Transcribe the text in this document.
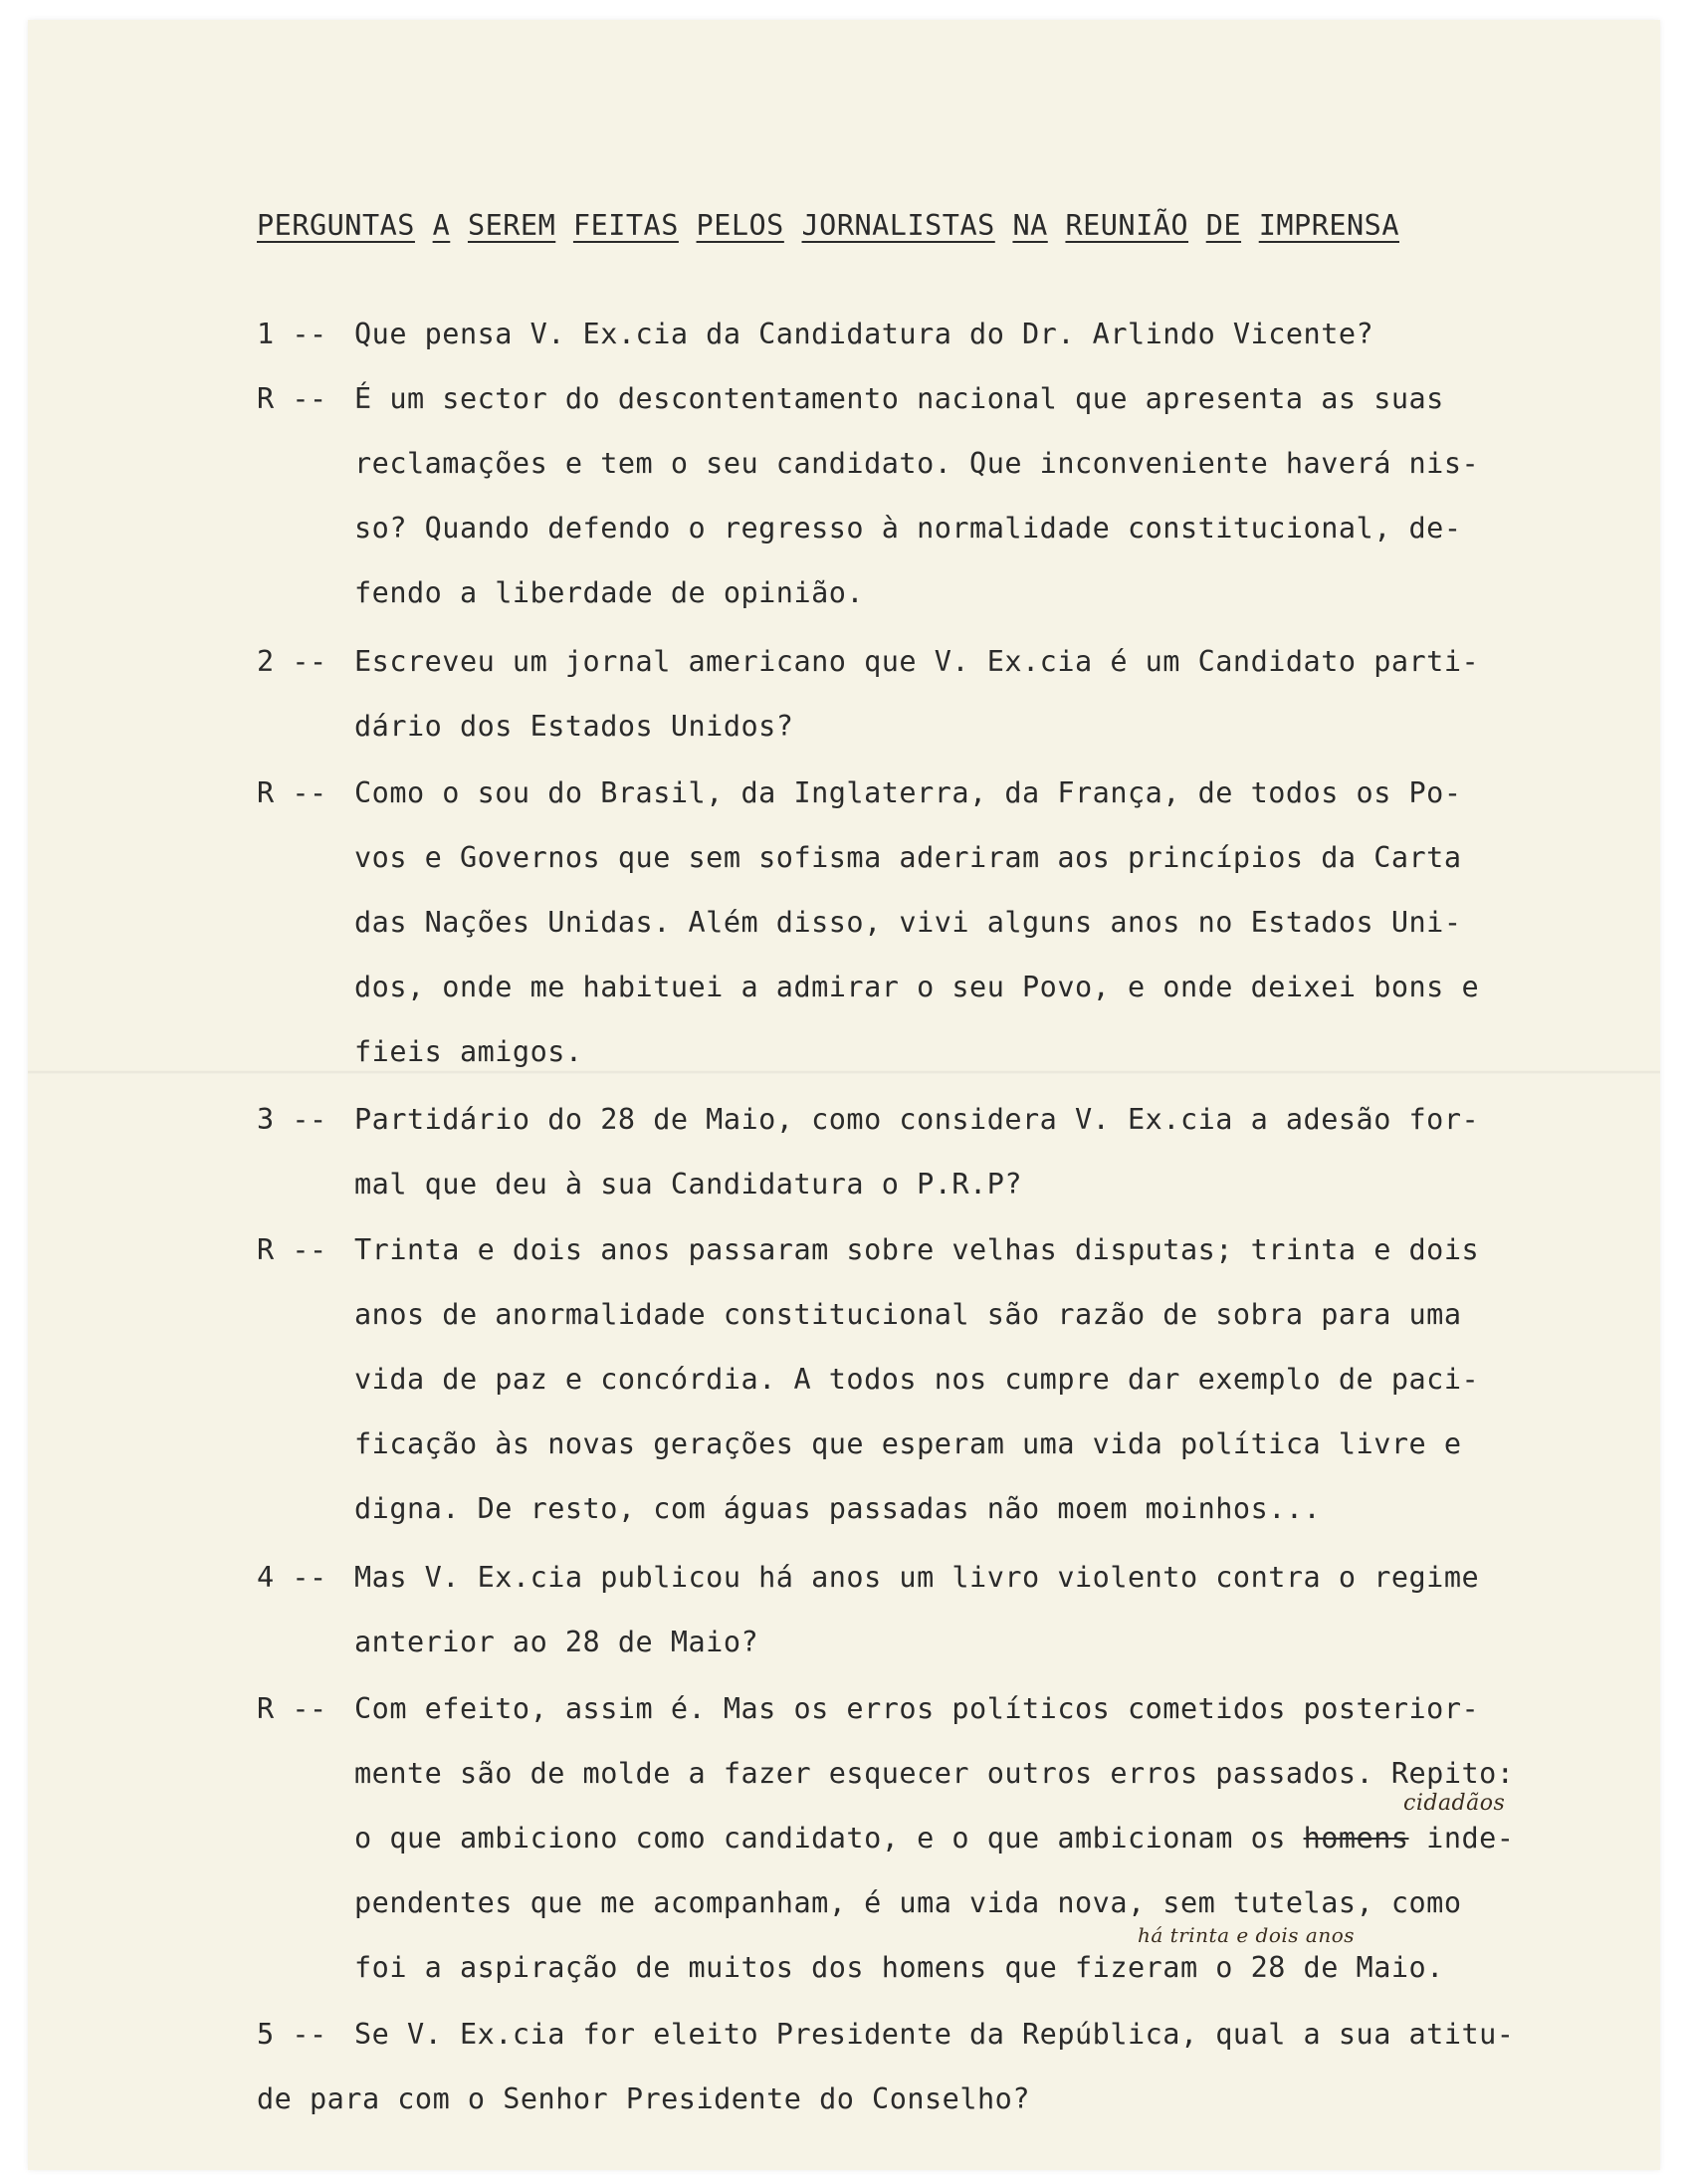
PERGUNTAS A SEREM FEITAS PELOS JORNALISTAS NA REUNIÃO DE IMPRENSA
1 -- Que pensa V. Ex.cia da Candidatura do Dr. Arlindo Vicente?
R -- É um sector do descontentamento nacional que apresenta as suas
reclamações e tem o seu candidato. Que inconveniente haverá nis-
so? Quando defendo o regresso à normalidade constitucional, de-
fendo a liberdade de opinião.
2 -- Escreveu um jornal americano que V. Ex.cia é um Candidato parti-
dário dos Estados Unidos?
R -- Como o sou do Brasil, da Inglaterra, da França, de todos os Po-
vos e Governos que sem sofisma aderiram aos princípios da Carta
das Nações Unidas. Além disso, vivi alguns anos no Estados Uni-
dos, onde me habituei a admirar o seu Povo, e onde deixei bons e
fieis amigos.
3 -- Partidário do 28 de Maio, como considera V. Ex.cia a adesão for-
mal que deu à sua Candidatura o P.R.P?
R -- Trinta e dois anos passaram sobre velhas disputas; trinta e dois
anos de anormalidade constitucional são razão de sobra para uma
vida de paz e concórdia. A todos nos cumpre dar exemplo de paci-
ficação às novas gerações que esperam uma vida política livre e
digna. De resto, com águas passadas não moem moinhos...
4 -- Mas V. Ex.cia publicou há anos um livro violento contra o regime
anterior ao 28 de Maio?
R -- Com efeito, assim é. Mas os erros políticos cometidos posterior-
mente são de molde a fazer esquecer outros erros passados. Repito:
o que ambiciono como candidato, e o que ambicionam os homens inde-
pendentes que me acompanham, é uma vida nova, sem tutelas, como
foi a aspiração de muitos dos homens que fizeram o 28 de Maio.
cidadãos
há trinta e dois anos
5 -- Se V. Ex.cia for eleito Presidente da República, qual a sua atitu-
de para com o Senhor Presidente do Conselho?
